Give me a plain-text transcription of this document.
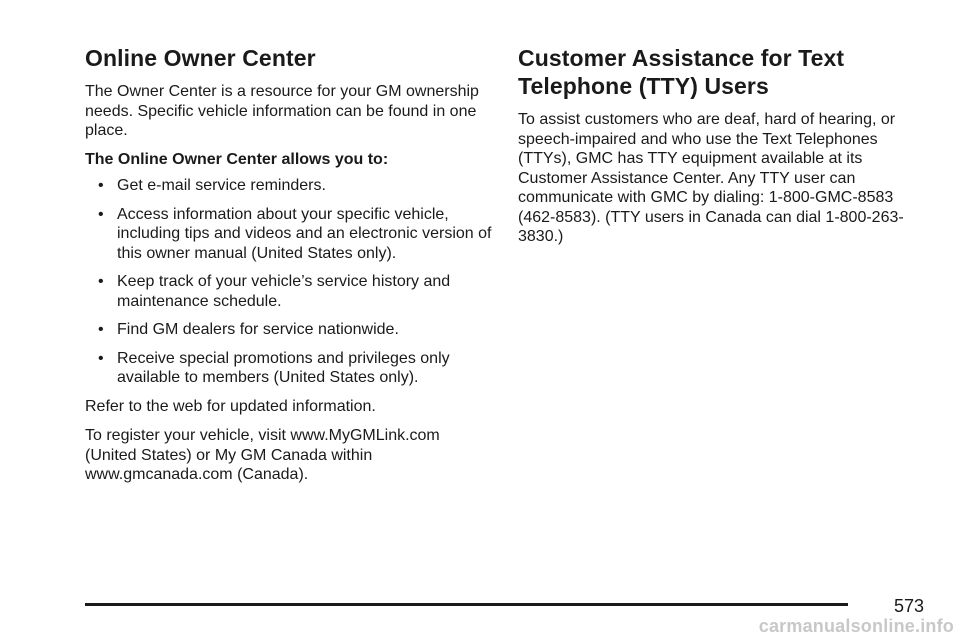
Online Owner Center

The Owner Center is a resource for your GM ownership needs. Specific vehicle information can be found in one place.

The Online Owner Center allows you to:

• Get e-mail service reminders.
• Access information about your specific vehicle, including tips and videos and an electronic version of this owner manual (United States only).
• Keep track of your vehicle’s service history and maintenance schedule.
• Find GM dealers for service nationwide.
• Receive special promotions and privileges only available to members (United States only).

Refer to the web for updated information.

To register your vehicle, visit www.MyGMLink.com (United States) or My GM Canada within www.gmcanada.com (Canada).

Customer Assistance for Text
Telephone (TTY) Users

To assist customers who are deaf, hard of hearing, or speech-impaired and who use the Text Telephones (TTYs), GMC has TTY equipment available at its Customer Assistance Center. Any TTY user can communicate with GMC by dialing: 1-800-GMC-8583 (462-8583). (TTY users in Canada can dial 1-800-263-3830.)

573
carmanualsonline.info
